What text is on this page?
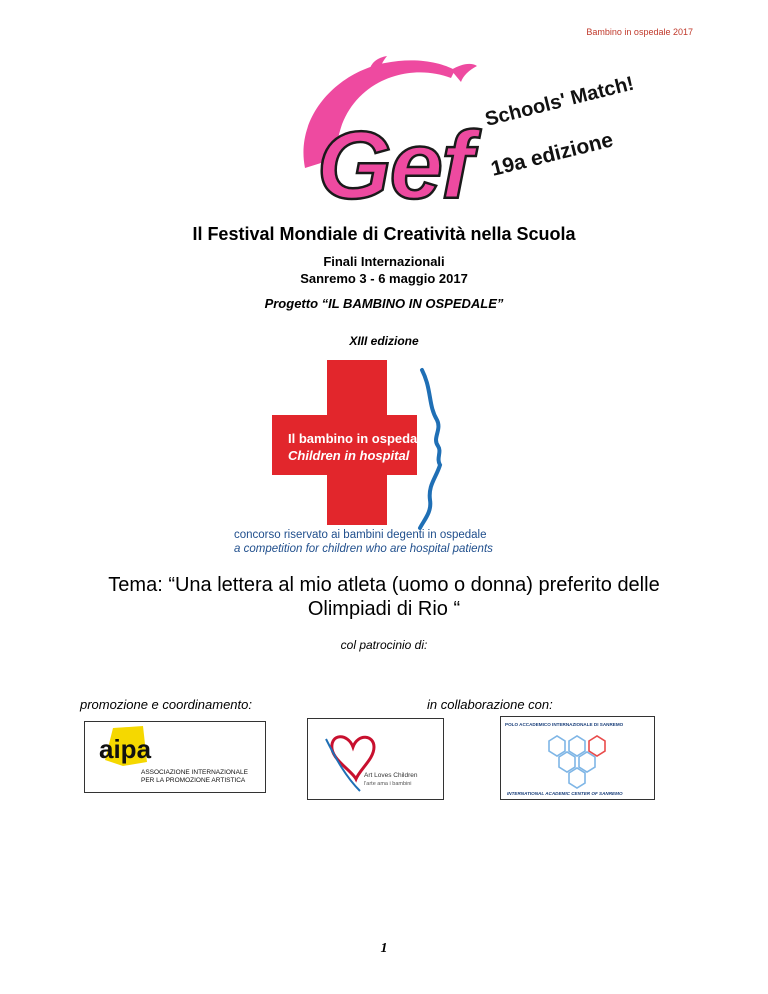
Bambino in ospedale 2017
Gef
Schools' Match!
19a edizione
Il Festival Mondiale di Creatività nella Scuola
Finali Internazionali
Sanremo 3 - 6 maggio 2017
Progetto “IL BAMBINO IN OSPEDALE”
XIII edizione
Il bambino in ospedale
Children in hospital
concorso riservato ai bambini degenti in ospedale
a competition for children who are hospital patients
Tema: “Una lettera al mio atleta (uomo o donna) preferito delle
Olimpiadi di Rio “
col patrocinio di:
promozione e coordinamento:	in collaborazione con:
aipa
ASSOCIAZIONE INTERNAZIONALE
PER LA PROMOZIONE ARTISTICA
Art Loves Children
l'arte ama i bambini
POLO ACCADEMICO INTERNAZIONALE DI SANREMO
INTERNATIONAL ACADEMIC CENTER OF SANREMO
1
